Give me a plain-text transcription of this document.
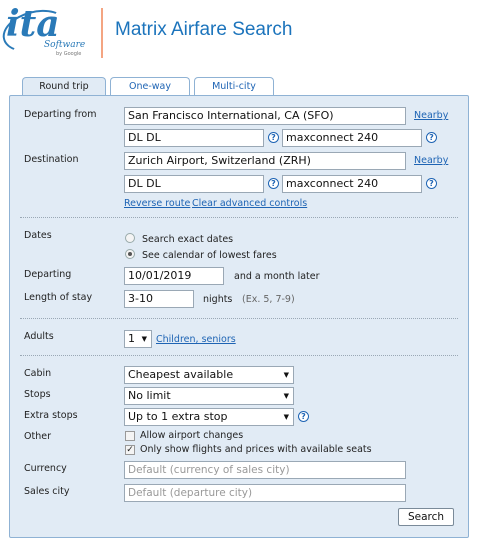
ita
Software
by Google
Matrix Airfare Search
Round trip	One-way	Multi-city
Departing from	San Francisco International, CA (SFO)	Nearby
DL DL	? maxconnect 240	?
Destination	Zurich Airport, Switzerland (ZRH)	Nearby
DL DL	? maxconnect 240	?
Reverse route Clear advanced controls
Dates	Search exact dates
See calendar of lowest fares
Departing	10/01/2019	and a month later
Length of stay	3-10	nights (Ex. 5, 7-9)
Adults	1 ▼ Children, seniors
Cabin	Cheapest available	▼
Stops	No limit	▼
Extra stops	Up to 1 extra stop	▼	?
Other	Allow airport changes
✓ Only show flights and prices with available seats
Currency	Default (currency of sales city)
Sales city	Default (departure city)
Search
